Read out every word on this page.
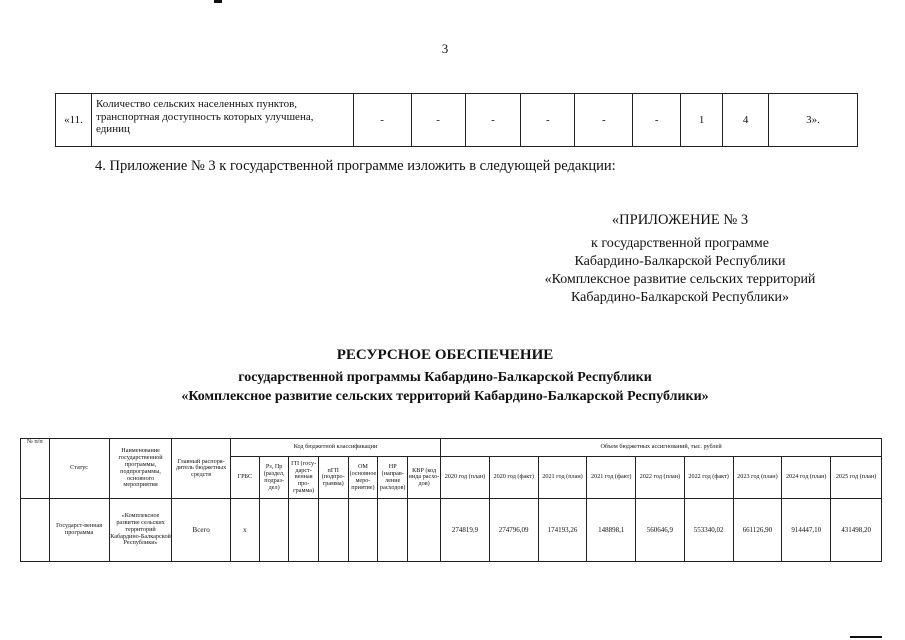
3
«11.	Количество сельских населенных пунктов, транспортная доступность которых улучшена, единиц	-	-	-	-	-	-	1	4	3».
4. Приложение № 3 к государственной программе изложить в следующей редакции:
«ПРИЛОЖЕНИЕ № 3
к государственной программе
Кабардино-Балкарской Республики
«Комплексное развитие сельских территорий
Кабардино-Балкарской Республики»
РЕСУРСНОЕ ОБЕСПЕЧЕНИЕ
государственной программы Кабардино-Балкарской Республики
«Комплексное развитие сельских территорий Кабардино-Балкарской Республики»
№ п/п	Статус	Наименование государственной программы, подпрограммы, основного мероприятия	Главный распоря-дитель бюджетных средств	Код бюджетной классификации							Объем бюджетных ассигнований, тыс. рублей								
				ГРБС	Рз, Пр (раздел, подраз-дел)	ГП (госу-дарст-венная про-грамма)	пГП (подпро-грамма)	ОМ (основное меро-приятие)	НР (направ-ление расходов)	КВР (код вида расхо-дов)	2020 год (план)	2020 год (факт)	2021 год (план)	2021 год (факт)	2022 год (план)	2022 год (факт)	2023 год (план)	2024 год (план)	2025 год (план)
	Государст-венная программа	«Комплексное развитие сельских территорий Кабардино-Балкарской Республики»	Всего	х							274819,9	274796,09	174193,26	148898,1	560646,9	553340,02	661126,90	914447,10	431498,20
